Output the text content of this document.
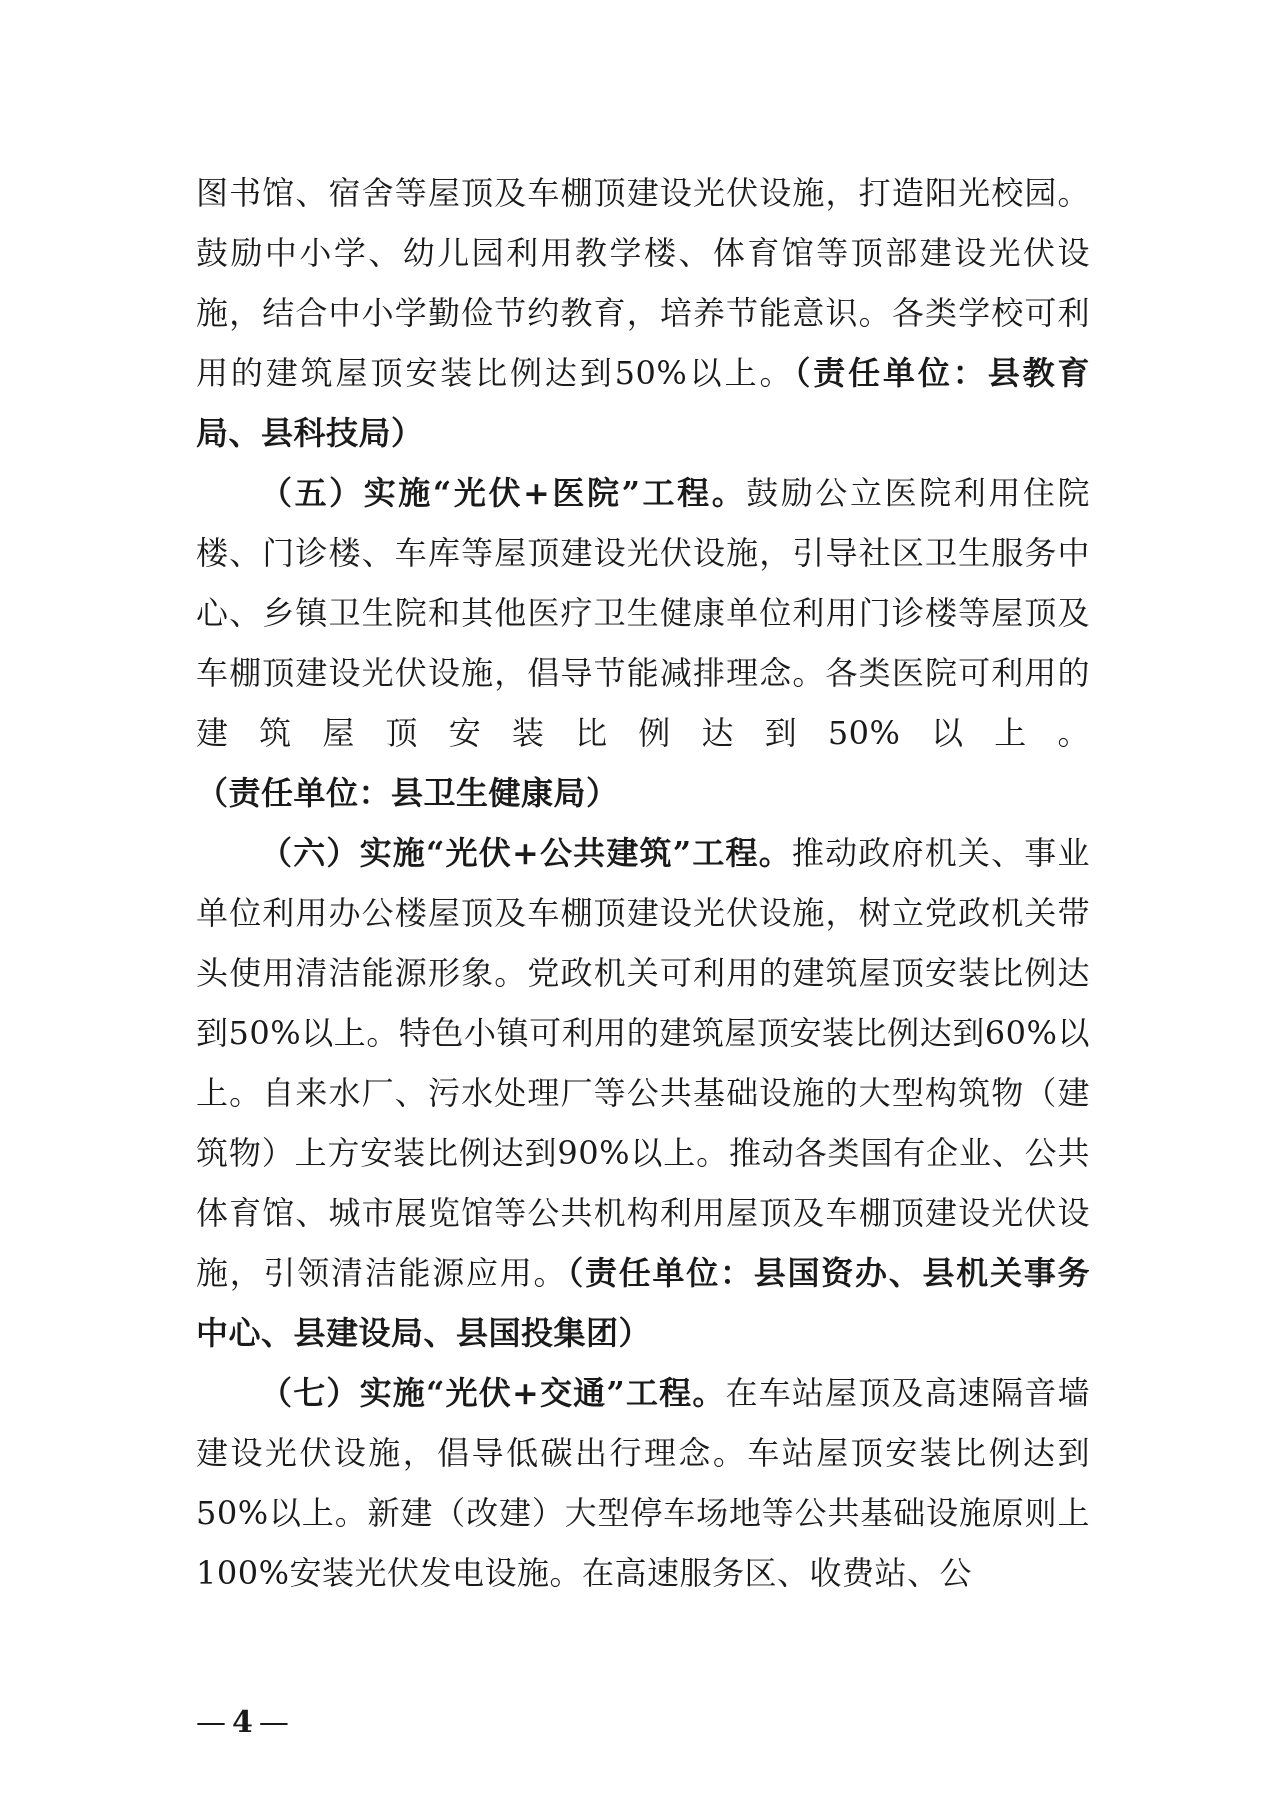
图书馆、宿舍等屋顶及车棚顶建设光伏设施，打造阳光校园。鼓励中小学、幼儿园利用教学楼、体育馆等顶部建设光伏设施，结合中小学勤俭节约教育，培养节能意识。各类学校可利用的建筑屋顶安装比例达到50%以上。（责任单位：县教育局、县科技局）

（五）实施“光伏+医院”工程。鼓励公立医院利用住院楼、门诊楼、车库等屋顶建设光伏设施，引导社区卫生服务中心、乡镇卫生院和其他医疗卫生健康单位利用门诊楼等屋顶及车棚顶建设光伏设施，倡导节能减排理念。各类医院可利用的建筑屋顶安装比例达到50%以上。（责任单位：县卫生健康局）

（六）实施“光伏+公共建筑”工程。推动政府机关、事业单位利用办公楼屋顶及车棚顶建设光伏设施，树立党政机关带头使用清洁能源形象。党政机关可利用的建筑屋顶安装比例达到50%以上。特色小镇可利用的建筑屋顶安装比例达到60%以上。自来水厂、污水处理厂等公共基础设施的大型构筑物（建筑物）上方安装比例达到90%以上。推动各类国有企业、公共体育馆、城市展览馆等公共机构利用屋顶及车棚顶建设光伏设施，引领清洁能源应用。（责任单位：县国资办、县机关事务中心、县建设局、县国投集团）

（七）实施“光伏+交通”工程。在车站屋顶及高速隔音墙建设光伏设施，倡导低碳出行理念。车站屋顶安装比例达到50%以上。新建（改建）大型停车场地等公共基础设施原则上100%安装光伏发电设施。在高速服务区、收费站、公

— 4 —
